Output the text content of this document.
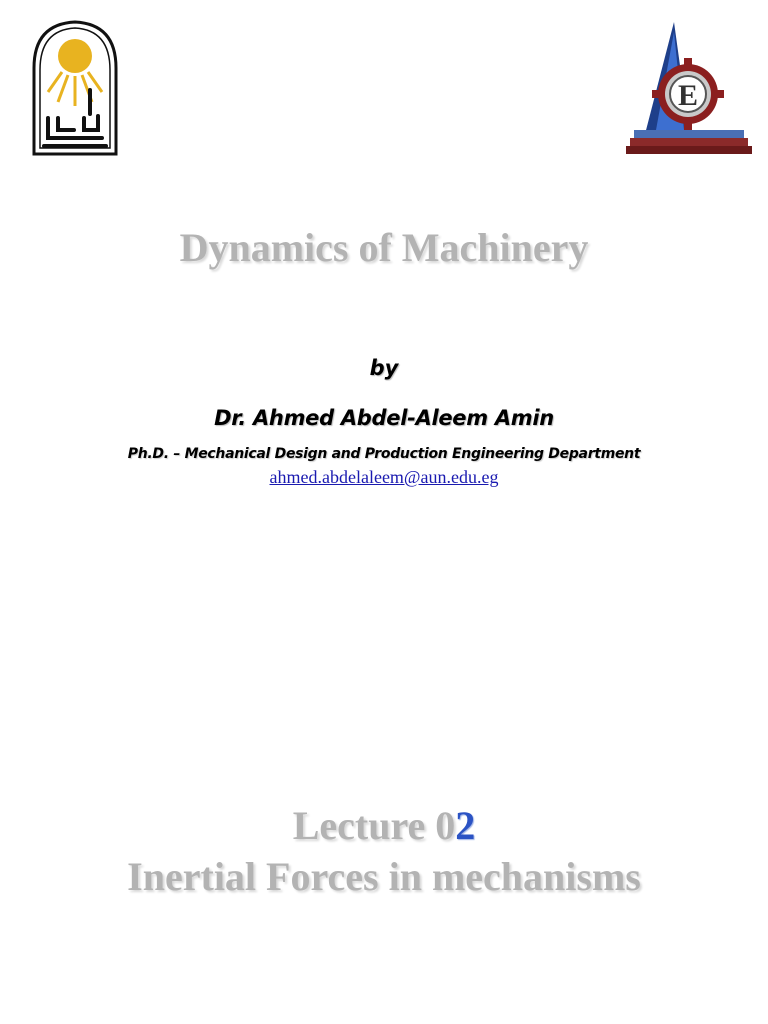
E
Dynamics of Machinery
by
Dr. Ahmed Abdel-Aleem Amin
Ph.D. – Mechanical Design and Production Engineering Department
ahmed.abdelaleem@aun.edu.eg
Lecture 02
Inertial Forces in mechanisms
